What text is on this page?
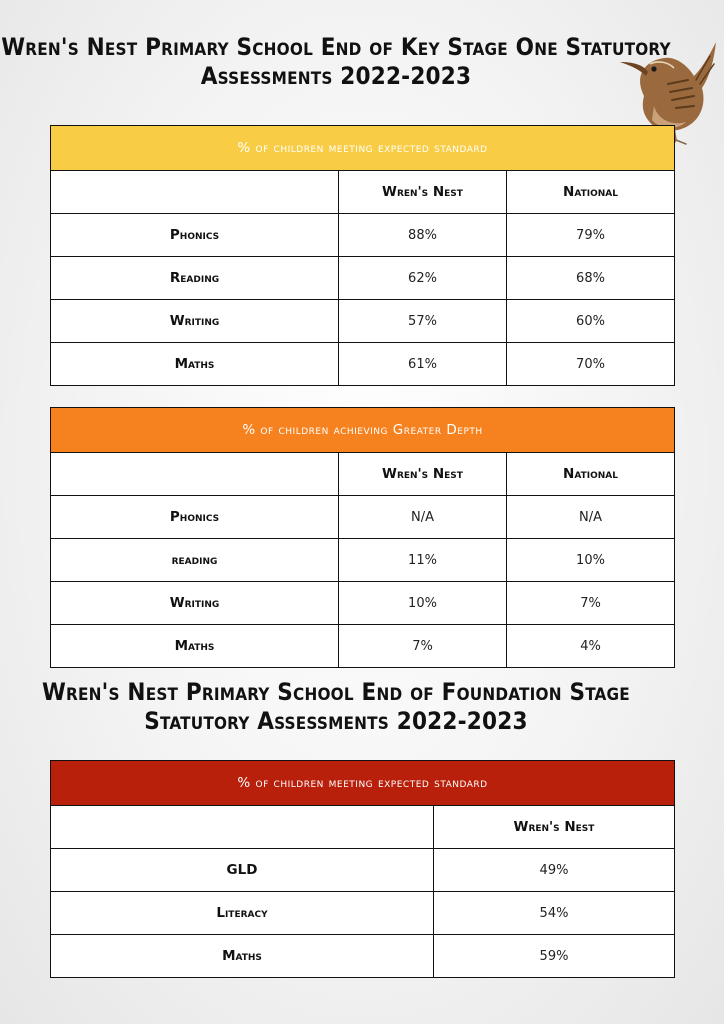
Wren's Nest Primary School End of Key Stage One Statutory
Assessments 2022-2023
% of children meeting expected standard		
	Wren's Nest	National
Phonics	88%	79%
Reading	62%	68%
Writing	57%	60%
Maths	61%	70%
% of children achieving Greater Depth		
	Wren's Nest	National
Phonics	N/A	N/A
reading	11%	10%
Writing	10%	7%
Maths	7%	4%
Wren's Nest Primary School End of Foundation Stage
Statutory Assessments 2022-2023
% of children meeting expected standard	
	Wren's Nest
GLD	49%
Literacy	54%
Maths	59%
